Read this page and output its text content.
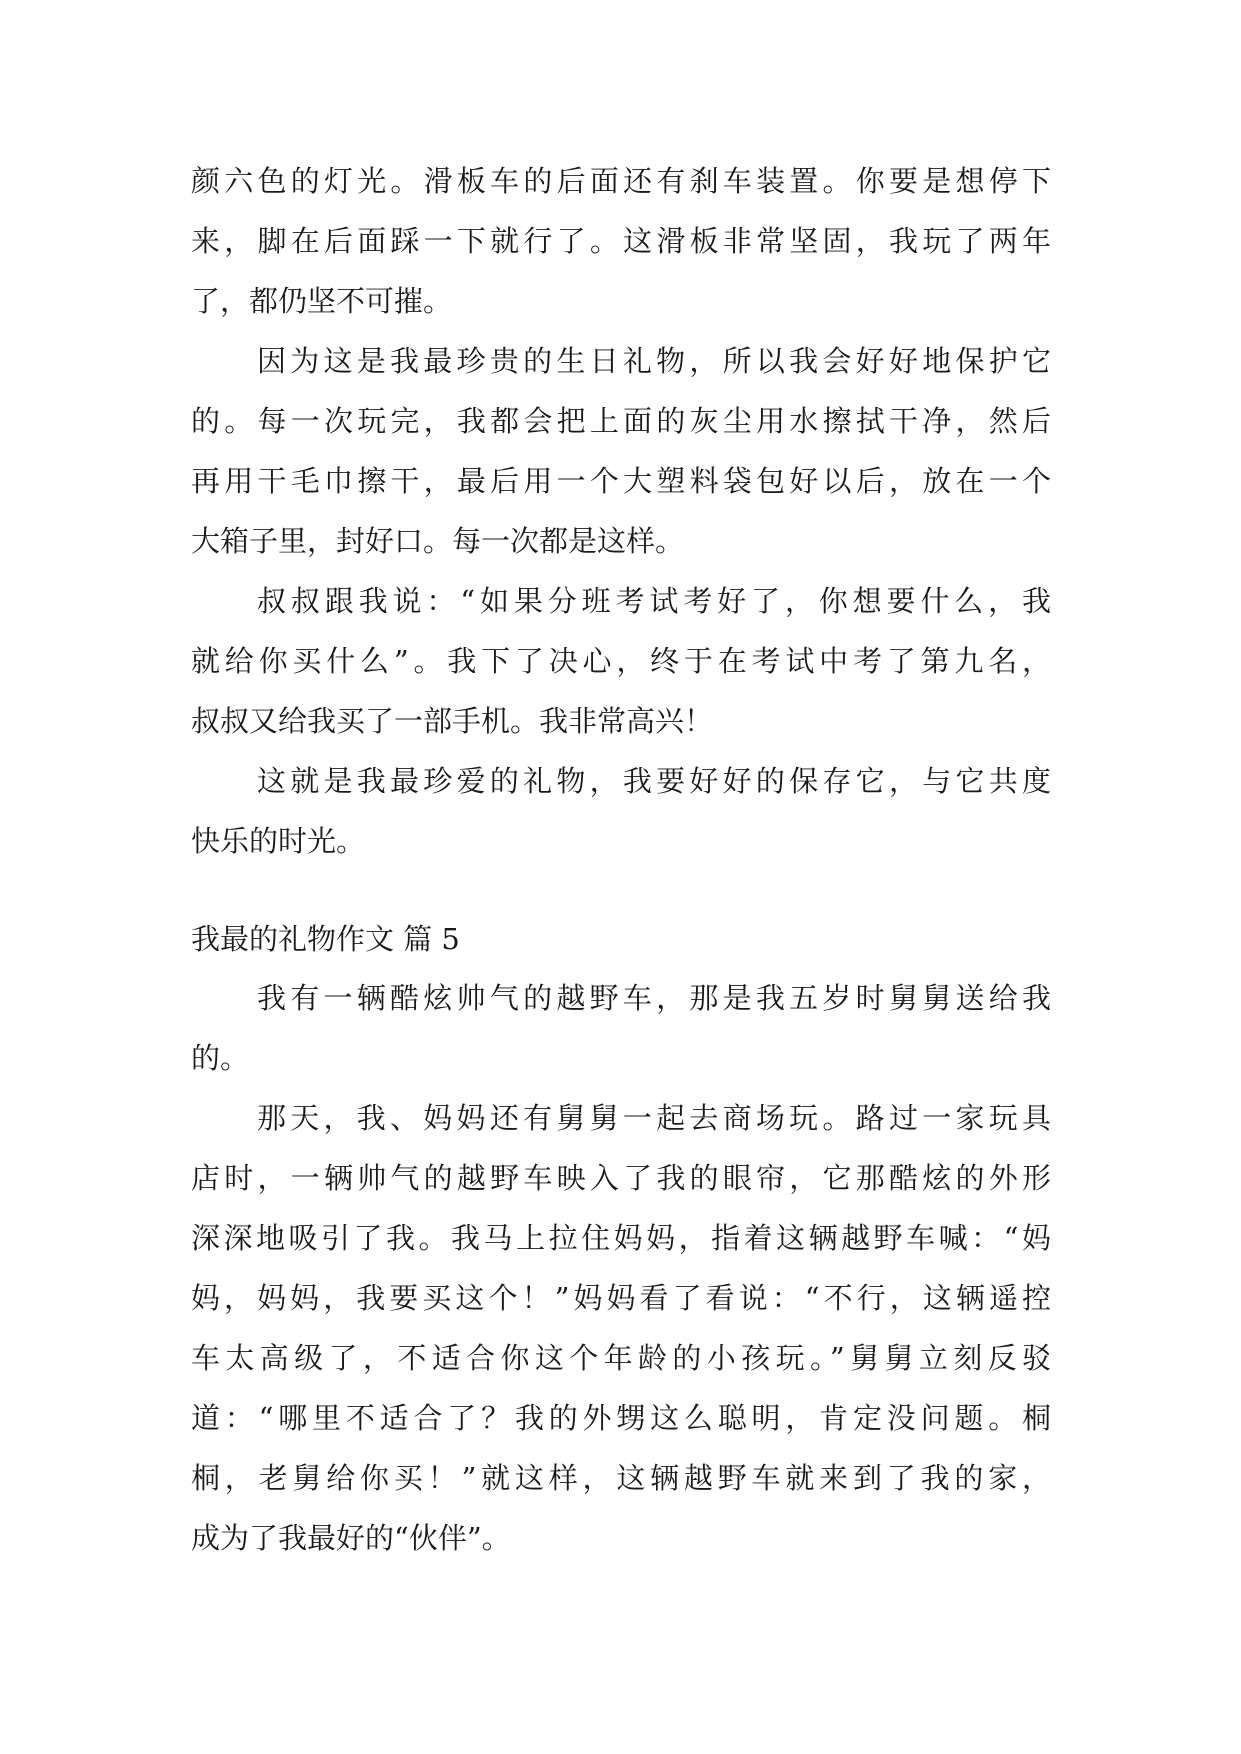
颜六色的灯光。滑板车的后面还有刹车装置。你要是想停下
来，脚在后面踩一下就行了。这滑板非常坚固，我玩了两年
了，都仍坚不可摧。
因为这是我最珍贵的生日礼物，所以我会好好地保护它
的。每一次玩完，我都会把上面的灰尘用水擦拭干净，然后
再用干毛巾擦干，最后用一个大塑料袋包好以后，放在一个
大箱子里，封好口。每一次都是这样。
叔叔跟我说：“如果分班考试考好了，你想要什么，我
就给你买什么”。我下了决心，终于在考试中考了第九名，
叔叔又给我买了一部手机。我非常高兴！
这就是我最珍爱的礼物，我要好好的保存它，与它共度
快乐的时光。
我最的礼物作文 篇 5
我有一辆酷炫帅气的越野车，那是我五岁时舅舅送给我
的。
那天，我、妈妈还有舅舅一起去商场玩。路过一家玩具
店时，一辆帅气的越野车映入了我的眼帘，它那酷炫的外形
深深地吸引了我。我马上拉住妈妈，指着这辆越野车喊：“妈
妈，妈妈，我要买这个！”妈妈看了看说：“不行，这辆遥控
车太高级了，不适合你这个年龄的小孩玩。”舅舅立刻反驳
道：“哪里不适合了？我的外甥这么聪明，肯定没问题。桐
桐，老舅给你买！”就这样，这辆越野车就来到了我的家，
成为了我最好的“伙伴”。
